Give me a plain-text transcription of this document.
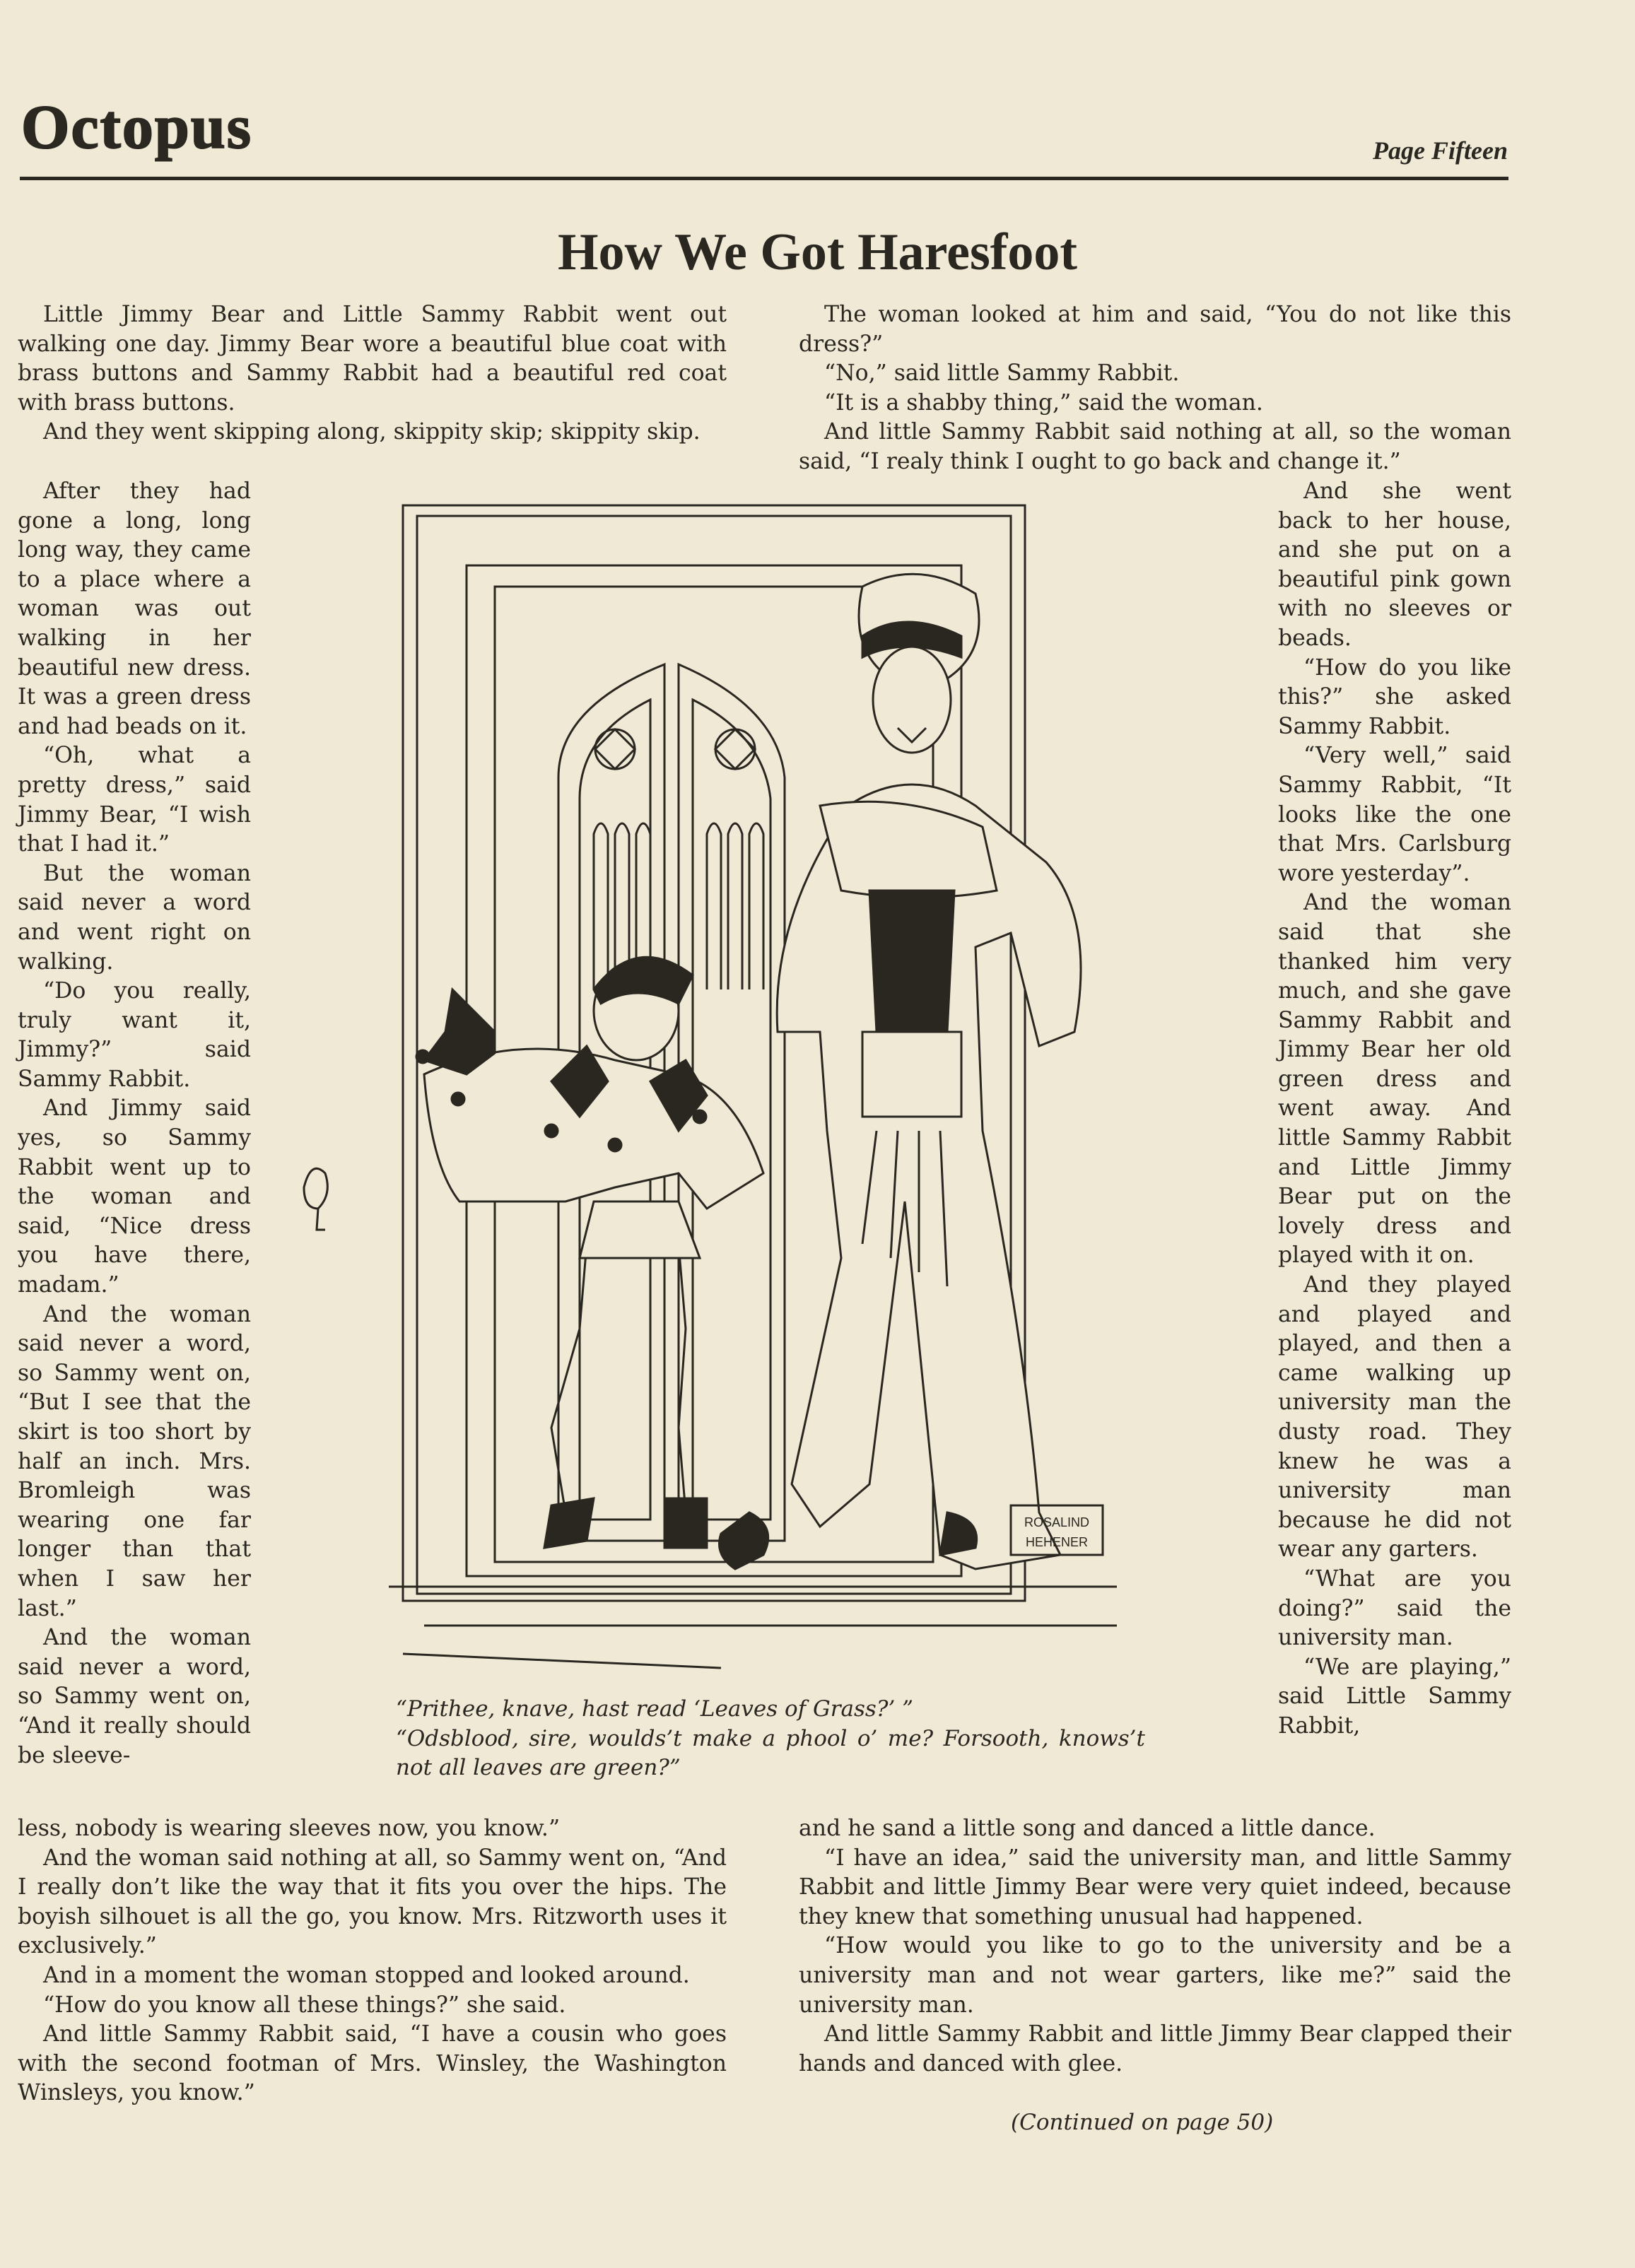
Octopus	Page Fifteen
How We Got Haresfoot

Little Jimmy Bear and Little Sammy Rabbit went out walking one day. Jimmy Bear wore a beautiful blue coat with brass buttons and Sammy Rabbit had a beautiful red coat with brass buttons.

And they went skipping along, skippity skip; skippity skip.

After they had gone a long, long long way, they came to a place where a woman was out walking in her beautiful new dress. It was a green dress and had beads on it.

“Oh, what a pretty dress,” said Jimmy Bear, “I wish that I had it.”

But the woman said never a word and went right on walking.

“Do you really, truly want it, Jimmy?” said Sammy Rabbit.

And Jimmy said yes, so Sammy Rabbit went up to the woman and said, “Nice dress you have there, madam.”

And the woman said never a word, so Sammy went on, “But I see that the skirt is too short by half an inch. Mrs. Bromleigh was wearing one far longer than that when I saw her last.”

And the woman said never a word, so Sammy went on, “And it really should be sleeve-

less, nobody is wearing sleeves now, you know.”

And the woman said nothing at all, so Sammy went on, “And I really don’t like the way that it fits you over the hips. The boyish silhouet is all the go, you know. Mrs. Ritzworth uses it exclusively.”

And in a moment the woman stopped and looked around.

“How do you know all these things?” she said.

And little Sammy Rabbit said, “I have a cousin who goes with the second footman of Mrs. Winsley, the Washington Winsleys, you know.”

The woman looked at him and said, “You do not like this dress?”

“No,” said little Sammy Rabbit.

“It is a shabby thing,” said the woman.

And little Sammy Rabbit said nothing at all, so the woman said, “I realy think I ought to go back and change it.”

And she went back to her house, and she put on a beautiful pink gown with no sleeves or beads.

“How do you like this?” she asked Sammy Rabbit.

“Very well,” said Sammy Rabbit, “It looks like the one that Mrs. Carlsburg wore yesterday”.

And the woman said that she thanked him very much, and she gave Sammy Rabbit and Jimmy Bear her old green dress and went away. And little Sammy Rabbit and Little Jimmy Bear put on the lovely dress and played with it on.

And they played and played and played, and then a came walking up university man the dusty road. They knew he was a university man because he did not wear any garters.

“What are you doing?” said the university man.

“We are playing,” said Little Sammy Rabbit,

and he sand a little song and danced a little dance.

“I have an idea,” said the university man, and little Sammy Rabbit and little Jimmy Bear were very quiet indeed, because they knew that something unusual had happened.

“How would you like to go to the university and be a university man and not wear garters, like me?” said the university man.

And little Sammy Rabbit and little Jimmy Bear clapped their hands and danced with glee.

ROSALIND
HEHENER

“Prithee, knave, hast read ‘Leaves of Grass?’ ”

“Odsblood, sire, woulds’t make a phool o’ me? Forsooth, knows’t not all leaves are green?”

(Continued on page 50)
